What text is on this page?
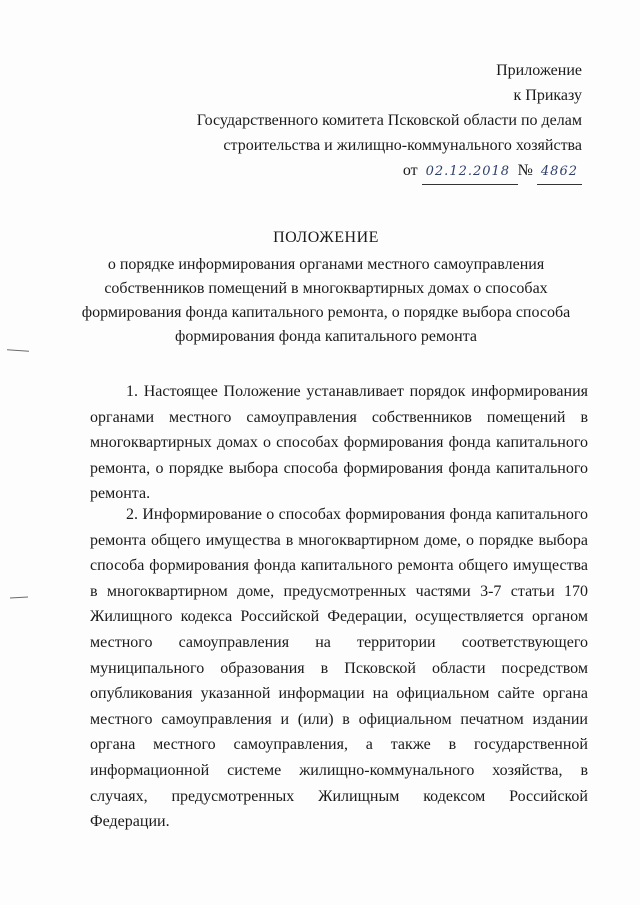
Приложение
к Приказу
Государственного комитета Псковской области по делам
строительства и жилищно-коммунального хозяйства
от 02.12.2018 № 4862
ПОЛОЖЕНИЕ
о порядке информирования органами местного самоуправления собственников помещений в многоквартирных домах о способах формирования фонда капитального ремонта, о порядке выбора способа формирования фонда капитального ремонта

1. Настоящее Положение устанавливает порядок информирования органами местного самоуправления собственников помещений в многоквартирных домах о способах формирования фонда капитального ремонта, о порядке выбора способа формирования фонда капитального ремонта.

2. Информирование о способах формирования фонда капитального ремонта общего имущества в многоквартирном доме, о порядке выбора способа формирования фонда капитального ремонта общего имущества в многоквартирном доме, предусмотренных частями 3-7 статьи 170 Жилищного кодекса Российской Федерации, осуществляется органом местного самоуправления на территории соответствующего муниципального образования в Псковской области посредством опубликования указанной информации на официальном сайте органа местного самоуправления и (или) в официальном печатном издании органа местного самоуправления, а также в государственной информационной системе жилищно-коммунального хозяйства, в случаях, предусмотренных Жилищным кодексом Российской Федерации.
